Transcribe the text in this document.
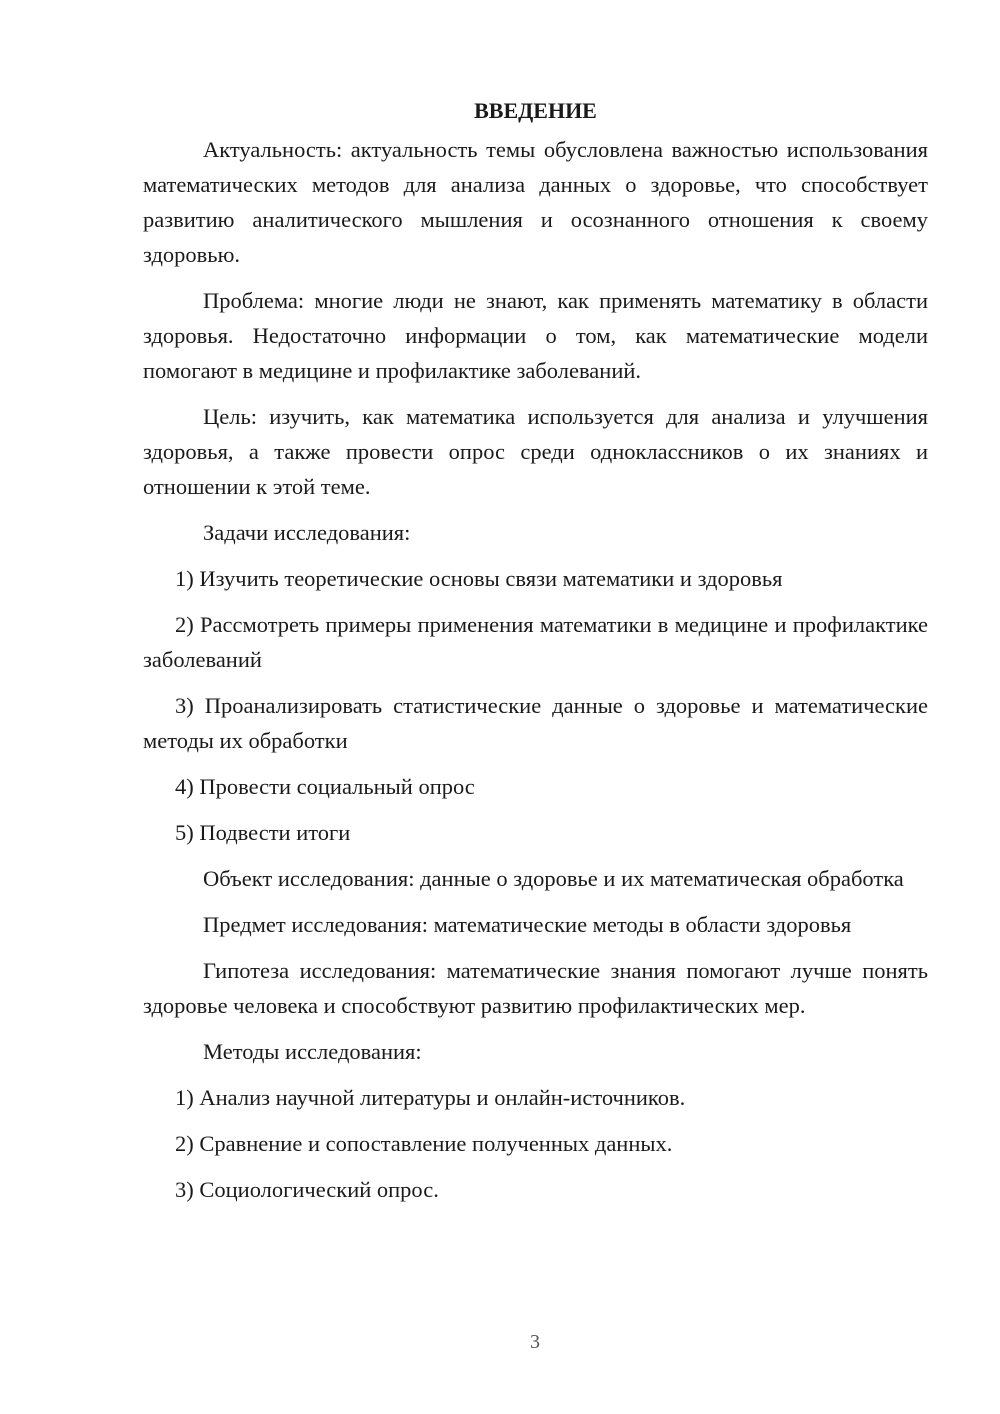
ВВЕДЕНИЕ

Актуальность: актуальность темы обусловлена важностью использования математических методов для анализа данных о здоровье, что способствует развитию аналитического мышления и осознанного отношения к своему здоровью.

Проблема: многие люди не знают, как применять математику в области здоровья. Недостаточно информации о том, как математические модели помогают в медицине и профилактике заболеваний.

Цель: изучить, как математика используется для анализа и улучшения здоровья, а также провести опрос среди одноклассников о их знаниях и отношении к этой теме.

Задачи исследования:

1) Изучить теоретические основы связи математики и здоровья

2) Рассмотреть примеры применения математики в медицине и профилактике заболеваний

3) Проанализировать статистические данные о здоровье и математические методы их обработки

4) Провести социальный опрос

5) Подвести итоги

Объект исследования: данные о здоровье и их математическая обработка

Предмет исследования: математические методы в области здоровья

Гипотеза исследования: математические знания помогают лучше понять здоровье человека и способствуют развитию профилактических мер.

Методы исследования:

1) Анализ научной литературы и онлайн-источников.

2) Сравнение и сопоставление полученных данных.

3) Социологический опрос.

3
